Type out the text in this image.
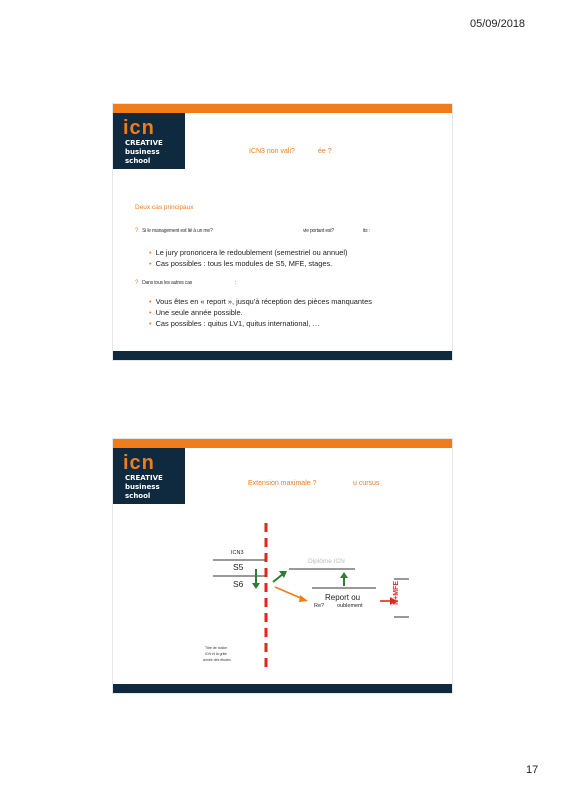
05/09/2018
icn
CREATIVE
business
school
ICN3 non vali?	ée ?
Deux cas principaux
? Si le management est lié à un me?	vie portant est?	its :
• Le jury prononcera le redoublement (semestriel ou annuel)
• Cas possibles : tous les modules de S5, MFE, stages.
? Dans tous les autres cas	:
• Vous êtes en « report », jusqu'à réception des pièces manquantes
• Une seule année possible.
• Cas possibles : quitus LV1, quitus international, …
icn
CREATIVE
business
school
Extension maximale ?	u cursus
ICN3
S5
S6
Diplôme ICN
Report ou
Re? oublement
N+MFE
Titre de notice
ICN et la grille
année des études
17
